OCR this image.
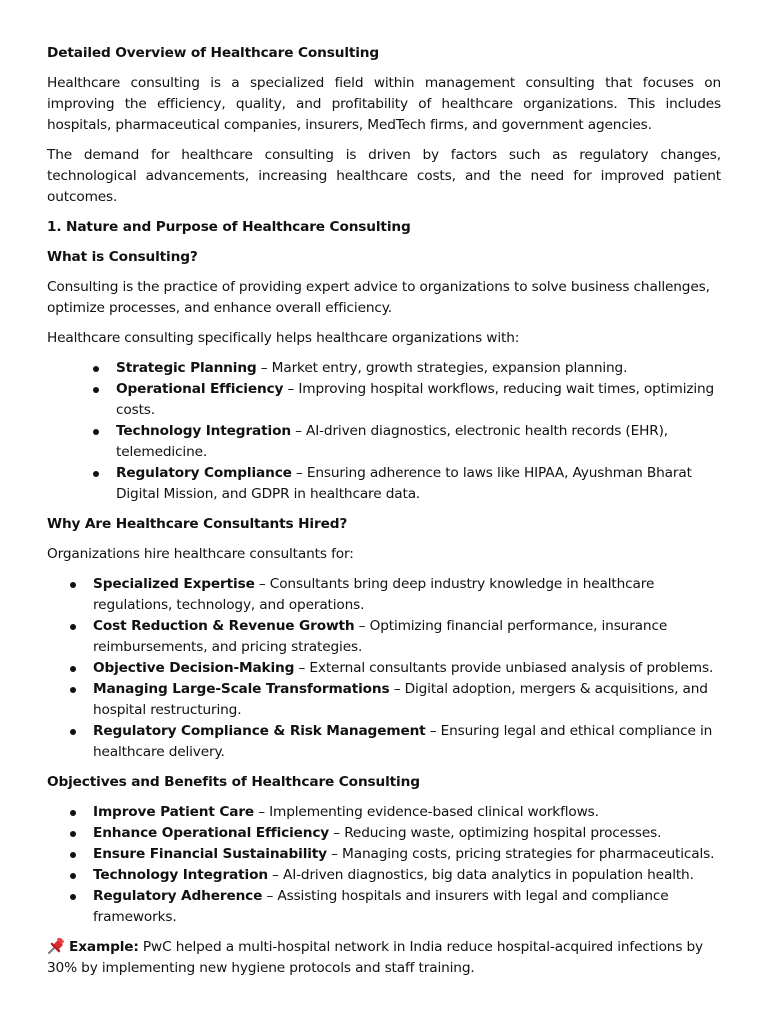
Detailed Overview of Healthcare Consulting

Healthcare consulting is a specialized field within management consulting that focuses on improving the efficiency, quality, and profitability of healthcare organizations. This includes hospitals, pharmaceutical companies, insurers, MedTech firms, and government agencies.

The demand for healthcare consulting is driven by factors such as regulatory changes, technological advancements, increasing healthcare costs, and the need for improved patient outcomes.

1. Nature and Purpose of Healthcare Consulting
What is Consulting?

Consulting is the practice of providing expert advice to organizations to solve business challenges, optimize processes, and enhance overall efficiency.

Healthcare consulting specifically helps healthcare organizations with:

Strategic Planning – Market entry, growth strategies, expansion planning.
Operational Efficiency – Improving hospital workflows, reducing wait times, optimizing costs.
Technology Integration – AI-driven diagnostics, electronic health records (EHR), telemedicine.
Regulatory Compliance – Ensuring adherence to laws like HIPAA, Ayushman Bharat Digital Mission, and GDPR in healthcare data.
Why Are Healthcare Consultants Hired?

Organizations hire healthcare consultants for:

Specialized Expertise – Consultants bring deep industry knowledge in healthcare regulations, technology, and operations.
Cost Reduction & Revenue Growth – Optimizing financial performance, insurance reimbursements, and pricing strategies.
Objective Decision-Making – External consultants provide unbiased analysis of problems.
Managing Large-Scale Transformations – Digital adoption, mergers & acquisitions, and hospital restructuring.
Regulatory Compliance & Risk Management – Ensuring legal and ethical compliance in healthcare delivery.
Objectives and Benefits of Healthcare Consulting
Improve Patient Care – Implementing evidence-based clinical workflows.
Enhance Operational Efficiency – Reducing waste, optimizing hospital processes.
Ensure Financial Sustainability – Managing costs, pricing strategies for pharmaceuticals.
Technology Integration – AI-driven diagnostics, big data analytics in population health.
Regulatory Adherence – Assisting hospitals and insurers with legal and compliance frameworks.

Example: PwC helped a multi-hospital network in India reduce hospital-acquired infections by 30% by implementing new hygiene protocols and staff training.
